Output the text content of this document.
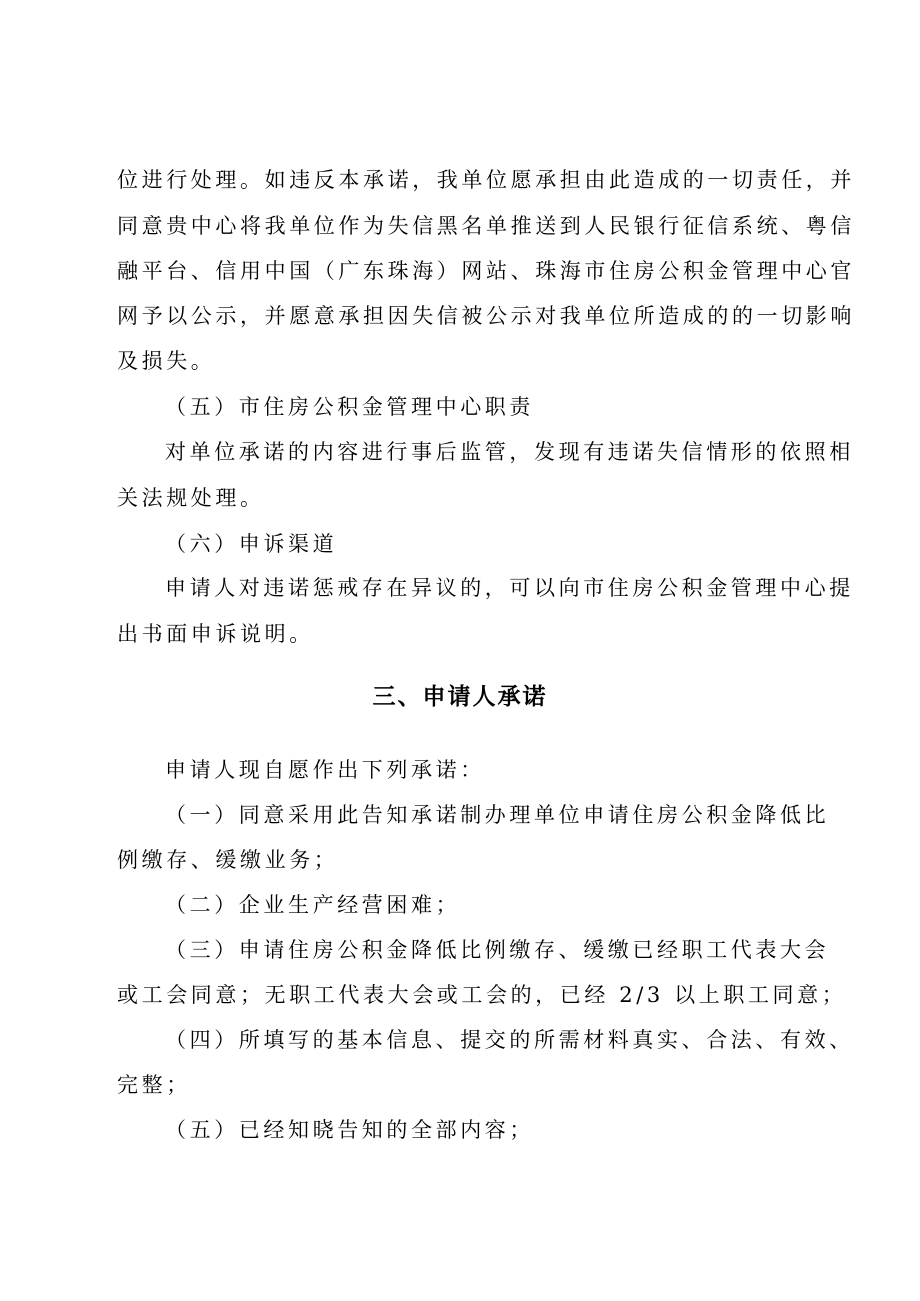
位进行处理。如违反本承诺，我单位愿承担由此造成的一切责任，并
同意贵中心将我单位作为失信黑名单推送到人民银行征信系统、粤信
融平台、信用中国（广东珠海）网站、珠海市住房公积金管理中心官
网予以公示，并愿意承担因失信被公示对我单位所造成的的一切影响
及损失。
（五）市住房公积金管理中心职责
对单位承诺的内容进行事后监管，发现有违诺失信情形的依照相
关法规处理。
（六）申诉渠道
申请人对违诺惩戒存在异议的，可以向市住房公积金管理中心提
出书面申诉说明。
三、申请人承诺
申请人现自愿作出下列承诺：
（一）同意采用此告知承诺制办理单位申请住房公积金降低比
例缴存、缓缴业务；
（二）企业生产经营困难；
（三）申请住房公积金降低比例缴存、缓缴已经职工代表大会
或工会同意；无职工代表大会或工会的，已经 2/3 以上职工同意；
（四）所填写的基本信息、提交的所需材料真实、合法、有效、
完整；
（五）已经知晓告知的全部内容；
